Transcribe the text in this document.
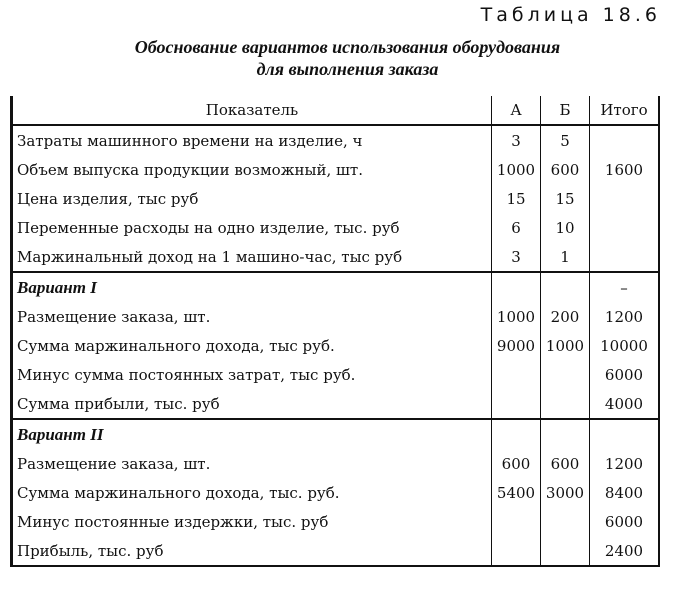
Таблица 18.6
Обоснование вариантов использования оборудования
для выполнения заказа
Показатель	А	Б	Итого
Затраты машинного времени на изделие, ч	3	5	
Объем выпуска продукции возможный, шт.	1000	600	1600
Цена изделия, тыс руб	15	15	
Переменные расходы на одно изделие, тыс. руб	6	10	
Маржинальный доход на 1 машино-час, тыс руб	3	1	
Вариант I			–
Размещение заказа, шт.	1000	200	1200
Сумма маржинального дохода, тыс руб.	9000	1000	10000
Минус сумма постоянных затрат, тыс руб.			6000
Сумма прибыли, тыс. руб			4000
Вариант II			
Размещение заказа, шт.	600	600	1200
Сумма маржинального дохода, тыс. руб.	5400	3000	8400
Минус постоянные издержки, тыс. руб			6000
Прибыль, тыс. руб			2400
